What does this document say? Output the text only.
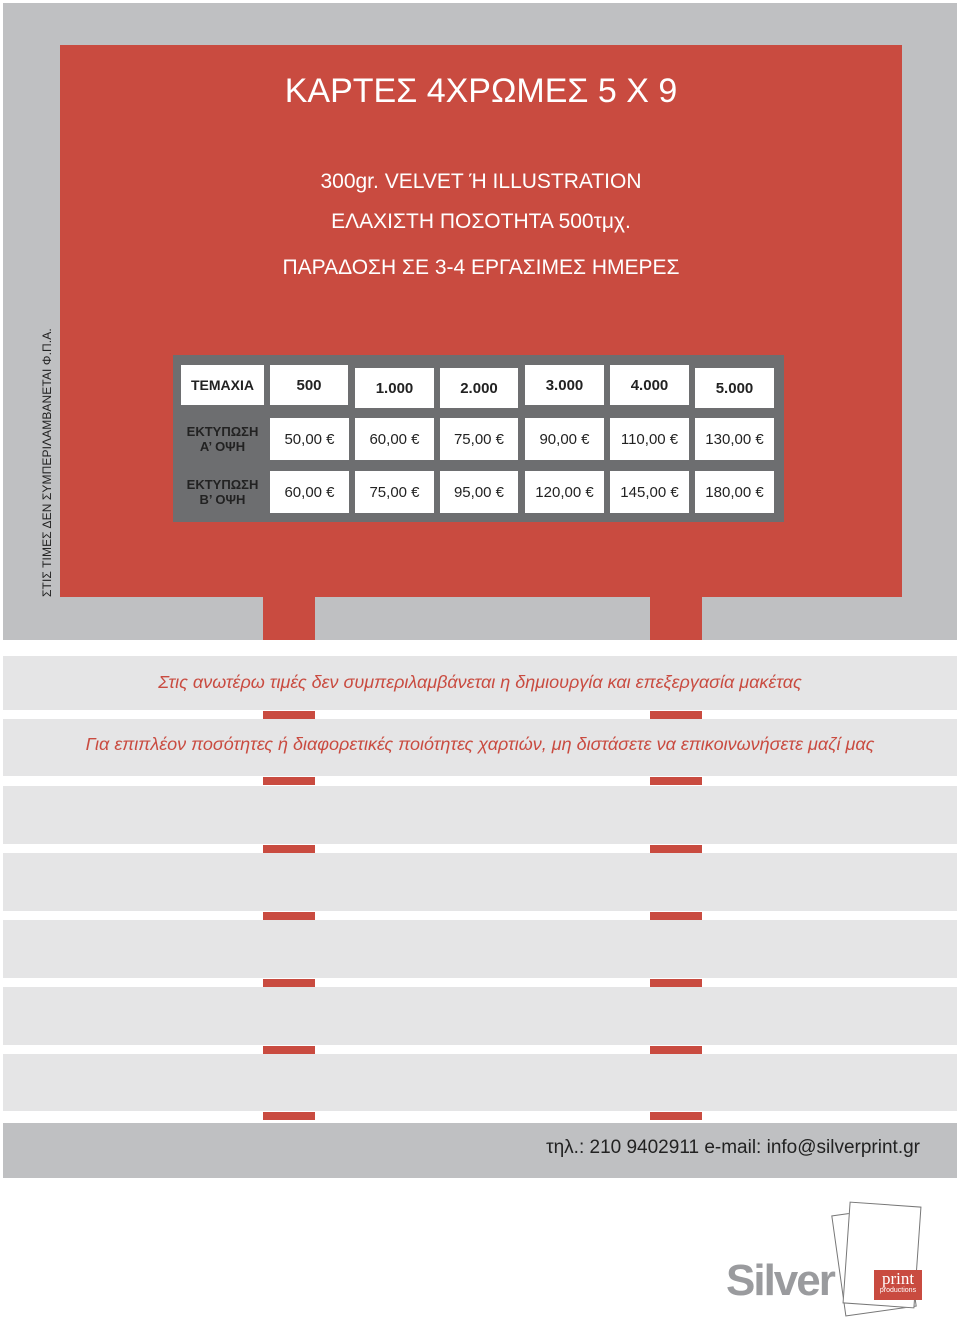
ΣΤΙΣ ΤΙΜΕΣ ΔΕΝ ΣΥΜΠΕΡΙΛΑΜΒΑΝΕΤΑΙ Φ.Π.Α.
ΚΑΡΤΕΣ 4ΧΡΩΜΕΣ 5 Χ 9
300gr. VELVET Ή ILLUSTRATION
ΕΛΑΧΙΣΤΗ ΠΟΣΟΤΗΤΑ 500τμχ.
ΠΑΡΑΔΟΣΗ ΣΕ 3-4 ΕΡΓΑΣΙΜΕΣ ΗΜΕΡΕΣ
ΤΕΜΑΧΙΑ	500	1.000	2.000	3.000	4.000	5.000
ΕΚΤΥΠΩΣΗ
Α’ ΟΨΗ	50,00 €	60,00 €	75,00 €	90,00 €	110,00 €	130,00 €
ΕΚΤΥΠΩΣΗ
Β’ ΟΨΗ	60,00 €	75,00 €	95,00 €	120,00 €	145,00 €	180,00 €
Στις ανωτέρω τιμές δεν συμπεριλαμβάνεται η δημιουργία και επεξεργασία μακέτας
Για επιπλέον ποσότητες ή διαφορετικές ποιότητες χαρτιών, μη διστάσετε να επικοινωνήσετε μαζί μας
τηλ.: 210 9402911 e-mail: info@silverprint.gr
Silver	print
productions
